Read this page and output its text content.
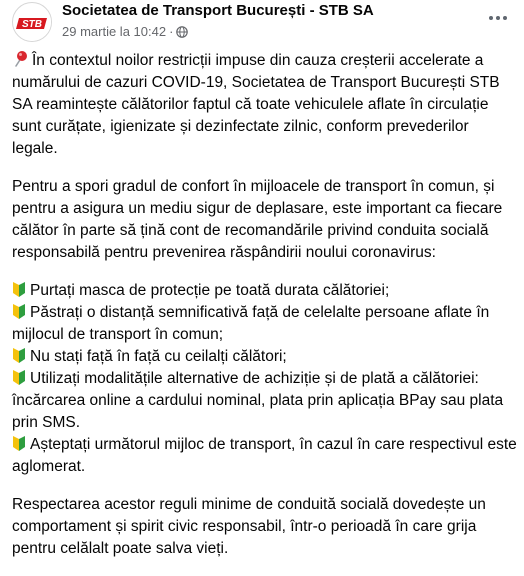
STB
Societatea de Transport București - STB SA
29 martie la 10:42 ·

În contextul noilor restricții impuse din cauza creșterii accelerate a numărului de cazuri COVID-19, Societatea de Transport București STB SA reamintește călătorilor faptul că toate vehiculele aflate în circulație sunt curățate, igienizate și dezinfectate zilnic, conform prevederilor legale.

Pentru a spori gradul de confort în mijloacele de transport în comun, și pentru a asigura un mediu sigur de deplasare, este important ca fiecare călător în parte să țină cont de recomandările privind conduita socială responsabilă pentru prevenirea răspândirii noului coronavirus:

Purtați masca de protecție pe toată durata călătoriei;
Păstrați o distanță semnificativă față de celelalte persoane aflate în mijlocul de transport în comun;
Nu stați față în față cu ceilalți călători;
Utilizați modalitățile alternative de achiziție și de plată a călătoriei: încărcarea online a cardului nominal, plata prin aplicația BPay sau plata prin SMS.
Așteptați următorul mijloc de transport, în cazul în care respectivul este aglomerat.

Respectarea acestor reguli minime de conduită socială dovedește un comportament și spirit civic responsabil, într-o perioadă în care grija pentru celălalt poate salva vieți.
